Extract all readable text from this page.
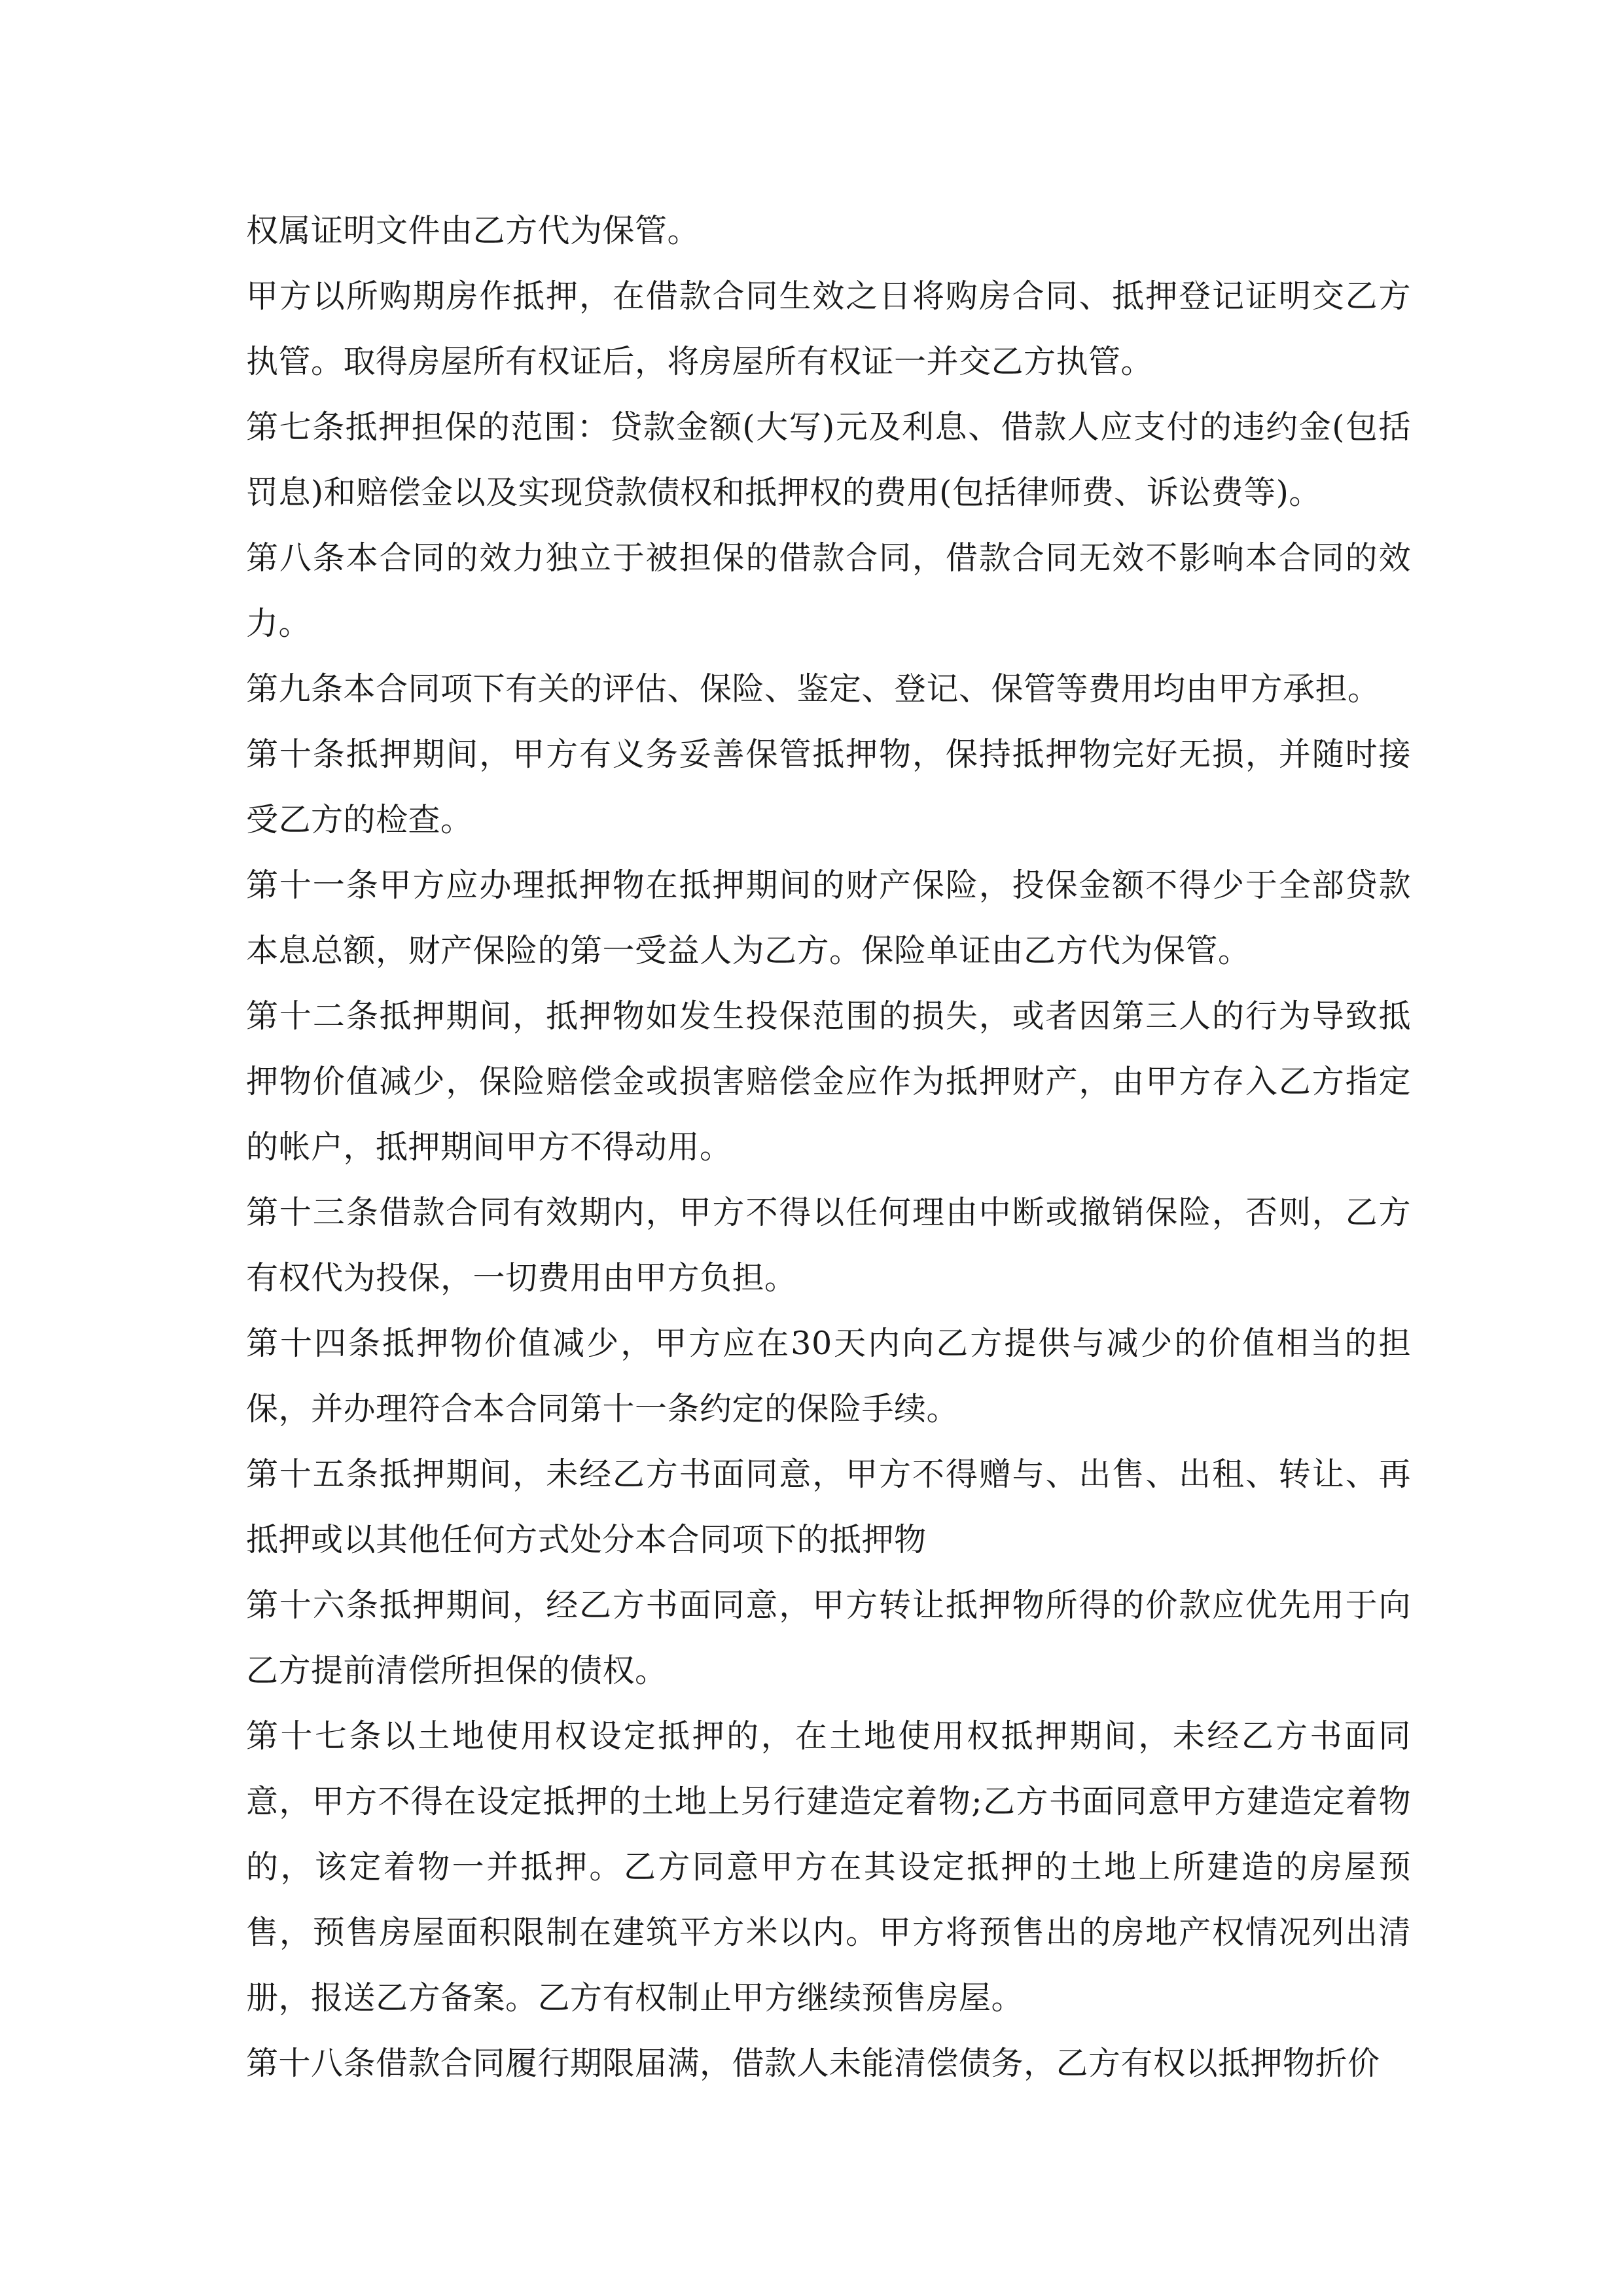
权属证明文件由乙方代为保管。

甲方以所购期房作抵押，在借款合同生效之日将购房合同、抵押登记证明交乙方执管。取得房屋所有权证后，将房屋所有权证一并交乙方执管。

第七条抵押担保的范围：贷款金额(大写)元及利息、借款人应支付的违约金(包括罚息)和赔偿金以及实现贷款债权和抵押权的费用(包括律师费、诉讼费等)。

第八条本合同的效力独立于被担保的借款合同，借款合同无效不影响本合同的效力。

第九条本合同项下有关的评估、保险、鉴定、登记、保管等费用均由甲方承担。

第十条抵押期间，甲方有义务妥善保管抵押物，保持抵押物完好无损，并随时接受乙方的检查。

第十一条甲方应办理抵押物在抵押期间的财产保险，投保金额不得少于全部贷款本息总额，财产保险的第一受益人为乙方。保险单证由乙方代为保管。

第十二条抵押期间，抵押物如发生投保范围的损失，或者因第三人的行为导致抵押物价值减少，保险赔偿金或损害赔偿金应作为抵押财产，由甲方存入乙方指定的帐户，抵押期间甲方不得动用。

第十三条借款合同有效期内，甲方不得以任何理由中断或撤销保险，否则，乙方有权代为投保，一切费用由甲方负担。

第十四条抵押物价值减少，甲方应在30天内向乙方提供与减少的价值相当的担保，并办理符合本合同第十一条约定的保险手续。

第十五条抵押期间，未经乙方书面同意，甲方不得赠与、出售、出租、转让、再抵押或以其他任何方式处分本合同项下的抵押物

第十六条抵押期间，经乙方书面同意，甲方转让抵押物所得的价款应优先用于向乙方提前清偿所担保的债权。

第十七条以土地使用权设定抵押的，在土地使用权抵押期间，未经乙方书面同意，甲方不得在设定抵押的土地上另行建造定着物;乙方书面同意甲方建造定着物的，该定着物一并抵押。乙方同意甲方在其设定抵押的土地上所建造的房屋预售，预售房屋面积限制在建筑平方米以内。甲方将预售出的房地产权情况列出清册，报送乙方备案。乙方有权制止甲方继续预售房屋。

第十八条借款合同履行期限届满，借款人未能清偿债务，乙方有权以抵押物折价
